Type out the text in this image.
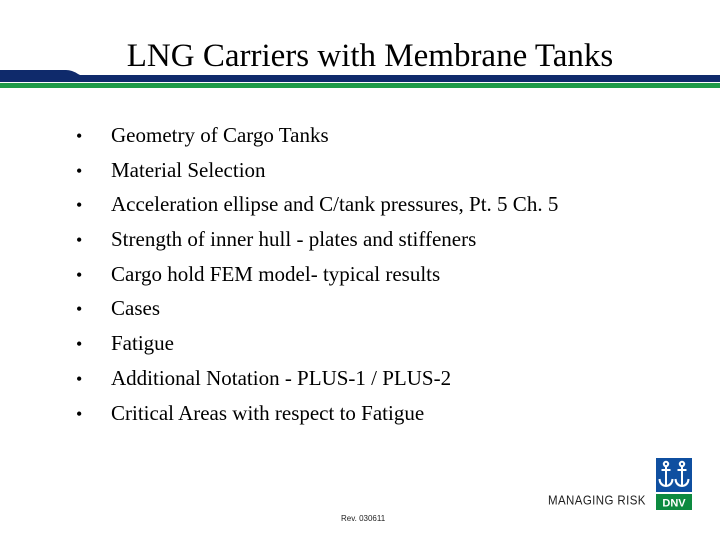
LNG Carriers with Membrane Tanks
•	Geometry of Cargo Tanks
•	Material Selection
•	Acceleration ellipse and C/tank pressures, Pt. 5 Ch. 5
•	Strength of inner hull - plates and stiffeners
•	Cargo hold FEM model- typical results
•	Cases
•	Fatigue
•	Additional Notation - PLUS-1 / PLUS-2
•	Critical Areas with respect to Fatigue
MANAGING RISK DNV
Rev. 030611
